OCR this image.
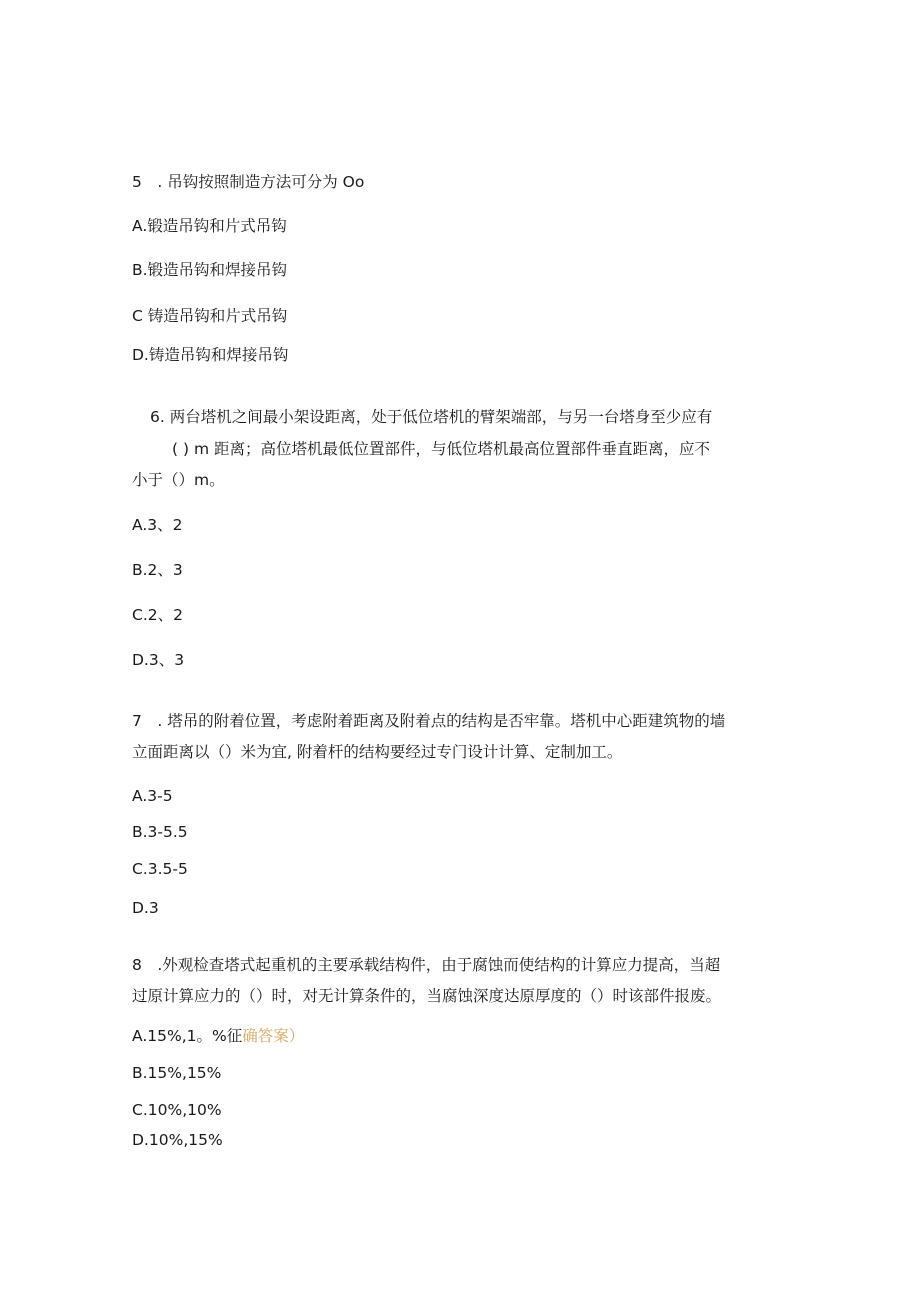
5　. 吊钩按照制造方法可分为 Oo
A.锻造吊钩和片式吊钩
B.锻造吊钩和焊接吊钩
C 铸造吊钩和片式吊钩
D.铸造吊钩和焊接吊钩
6. 两台塔机之间最小架设距离，处于低位塔机的臂架端部，与另一台塔身至少应有
( ) m 距离；高位塔机最低位置部件，与低位塔机最高位置部件垂直距离，应不
小于（）m。
A.3、2
B.2、3
C.2、2
D.3、3
7　. 塔吊的附着位置，考虑附着距离及附着点的结构是否牢靠。塔机中心距建筑物的墙
立面距离以（）米为宜, 附着杆的结构要经过专门设计计算、定制加工。
A.3-5
B.3-5.5
C.3.5-5
D.3
8　.外观检查塔式起重机的主要承载结构件，由于腐蚀而使结构的计算应力提高，当超
过原计算应力的（）时，对无计算条件的，当腐蚀深度达原厚度的（）时该部件报废。
A.15%,1。%征确答案）
B.15%,15%
C.10%,10%
D.10%,15%
